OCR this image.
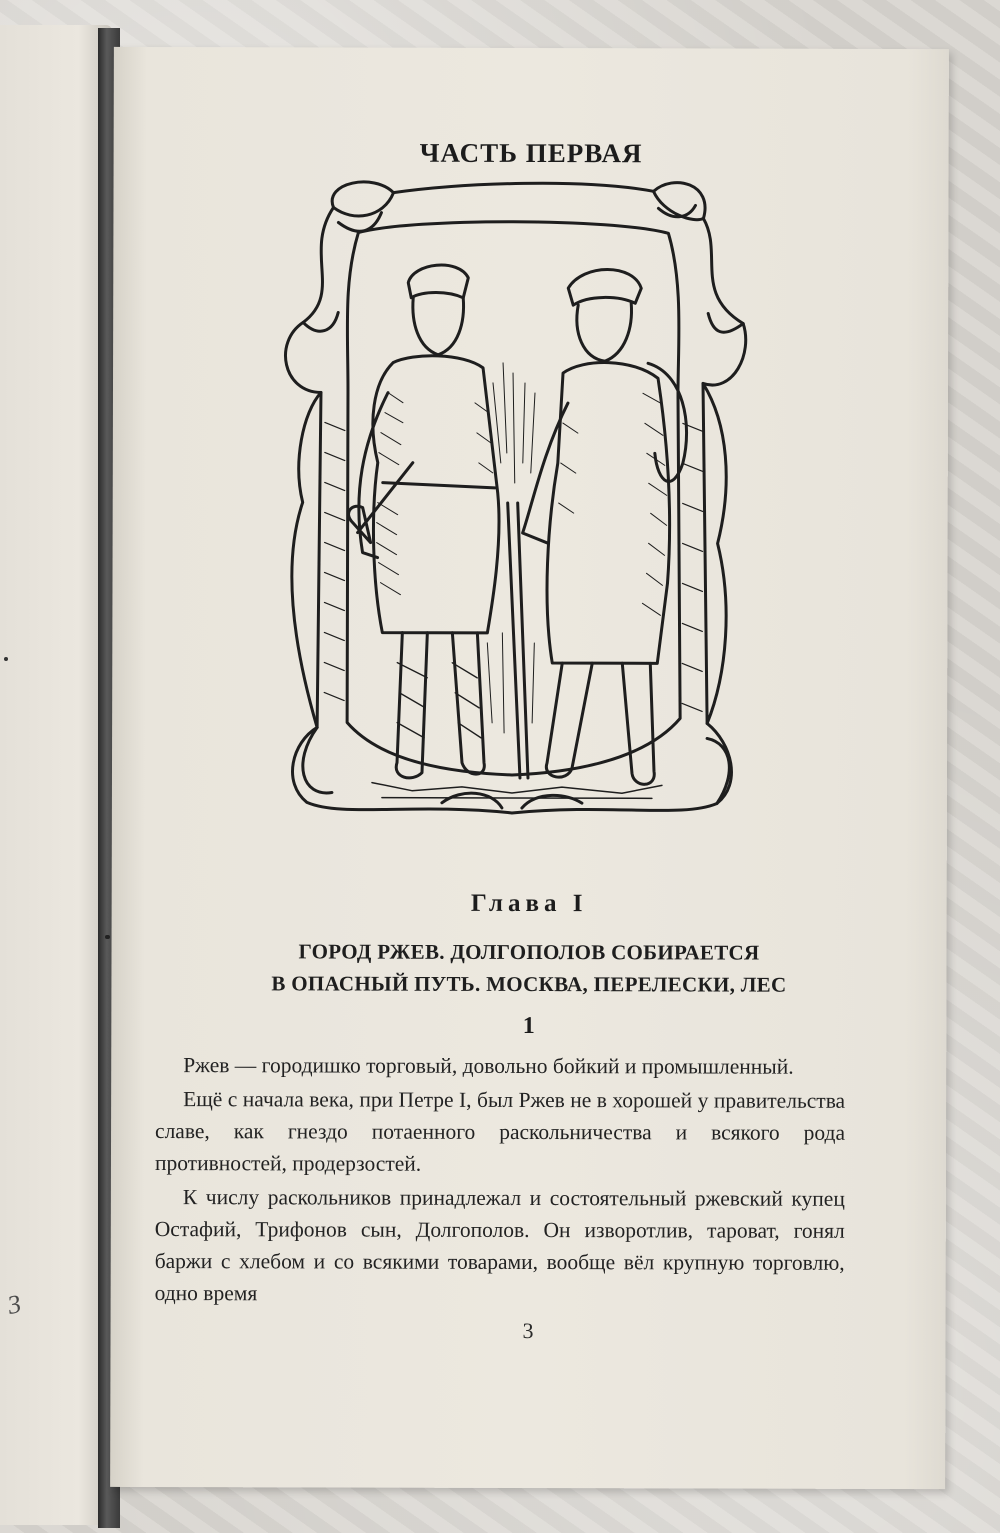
ЧАСТЬ ПЕРВАЯ
Глава I
ГОРОД РЖЕВ. ДОЛГОПОЛОВ СОБИРАЕТСЯ
В ОПАСНЫЙ ПУТЬ. МОСКВА, ПЕРЕЛЕСКИ, ЛЕС
1

Ржев — городишко торговый, довольно бойкий и промышленный.

Ещё с начала века, при Петре I, был Ржев не в хорошей у правительства славе, как гнездо потаенного раскольничества и всякого рода противностей, продерзостей.

К числу раскольников принадлежал и состоятельный ржевский купец Остафий, Трифонов сын, Долгополов. Он изворотлив, тароват, гонял баржи с хлебом и со всякими товарами, вообще вёл крупную торговлю, одно время

3
3
